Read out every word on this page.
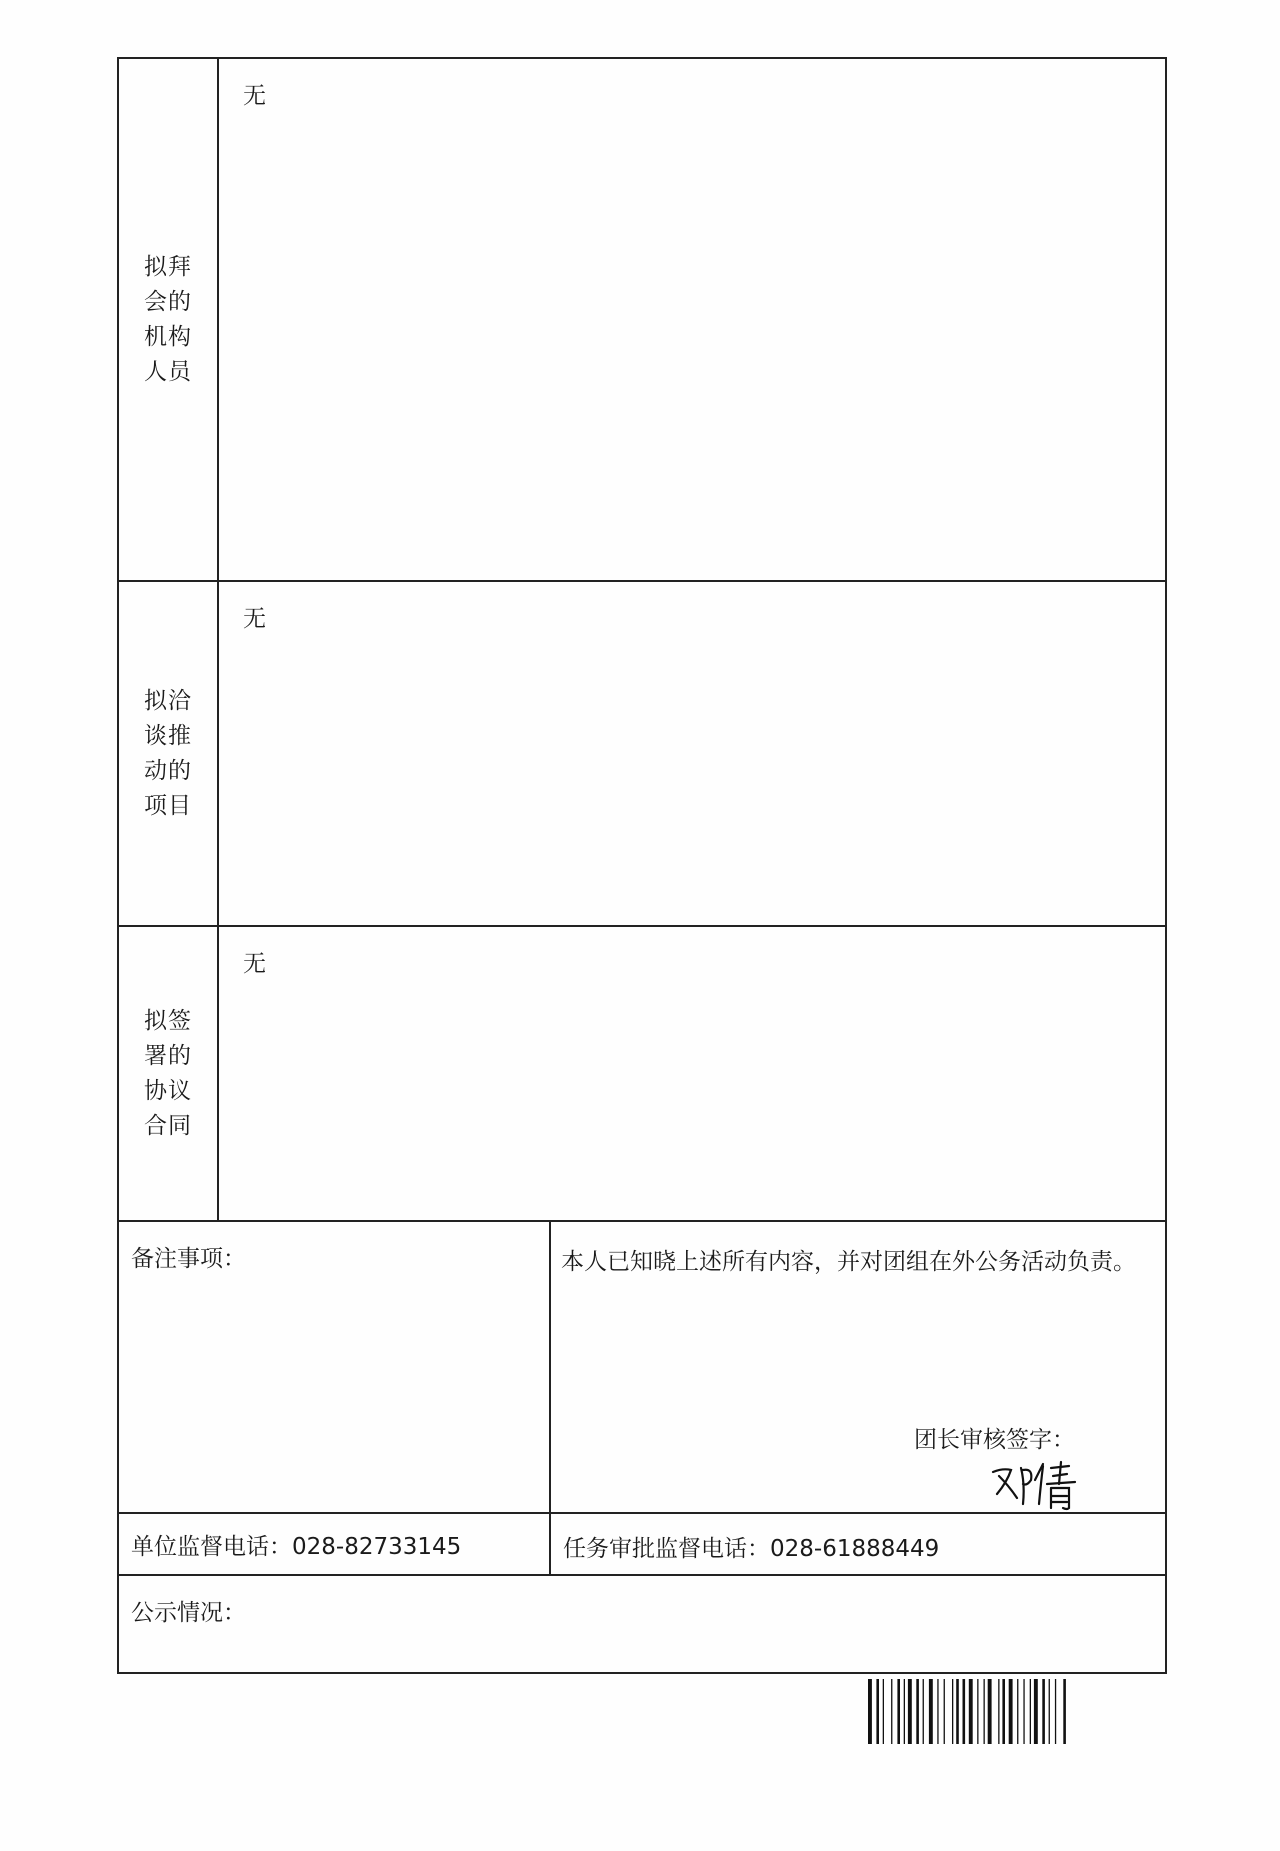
拟拜会的机构人员
无
拟洽谈推动的项目
无
拟签署的协议合同
无
备注事项：	本人已知晓上述所有内容，并对团组在外公务活动负责。
团长审核签字：
单位监督电话：028-82733145	任务审批监督电话：028-61888449
公示情况：
